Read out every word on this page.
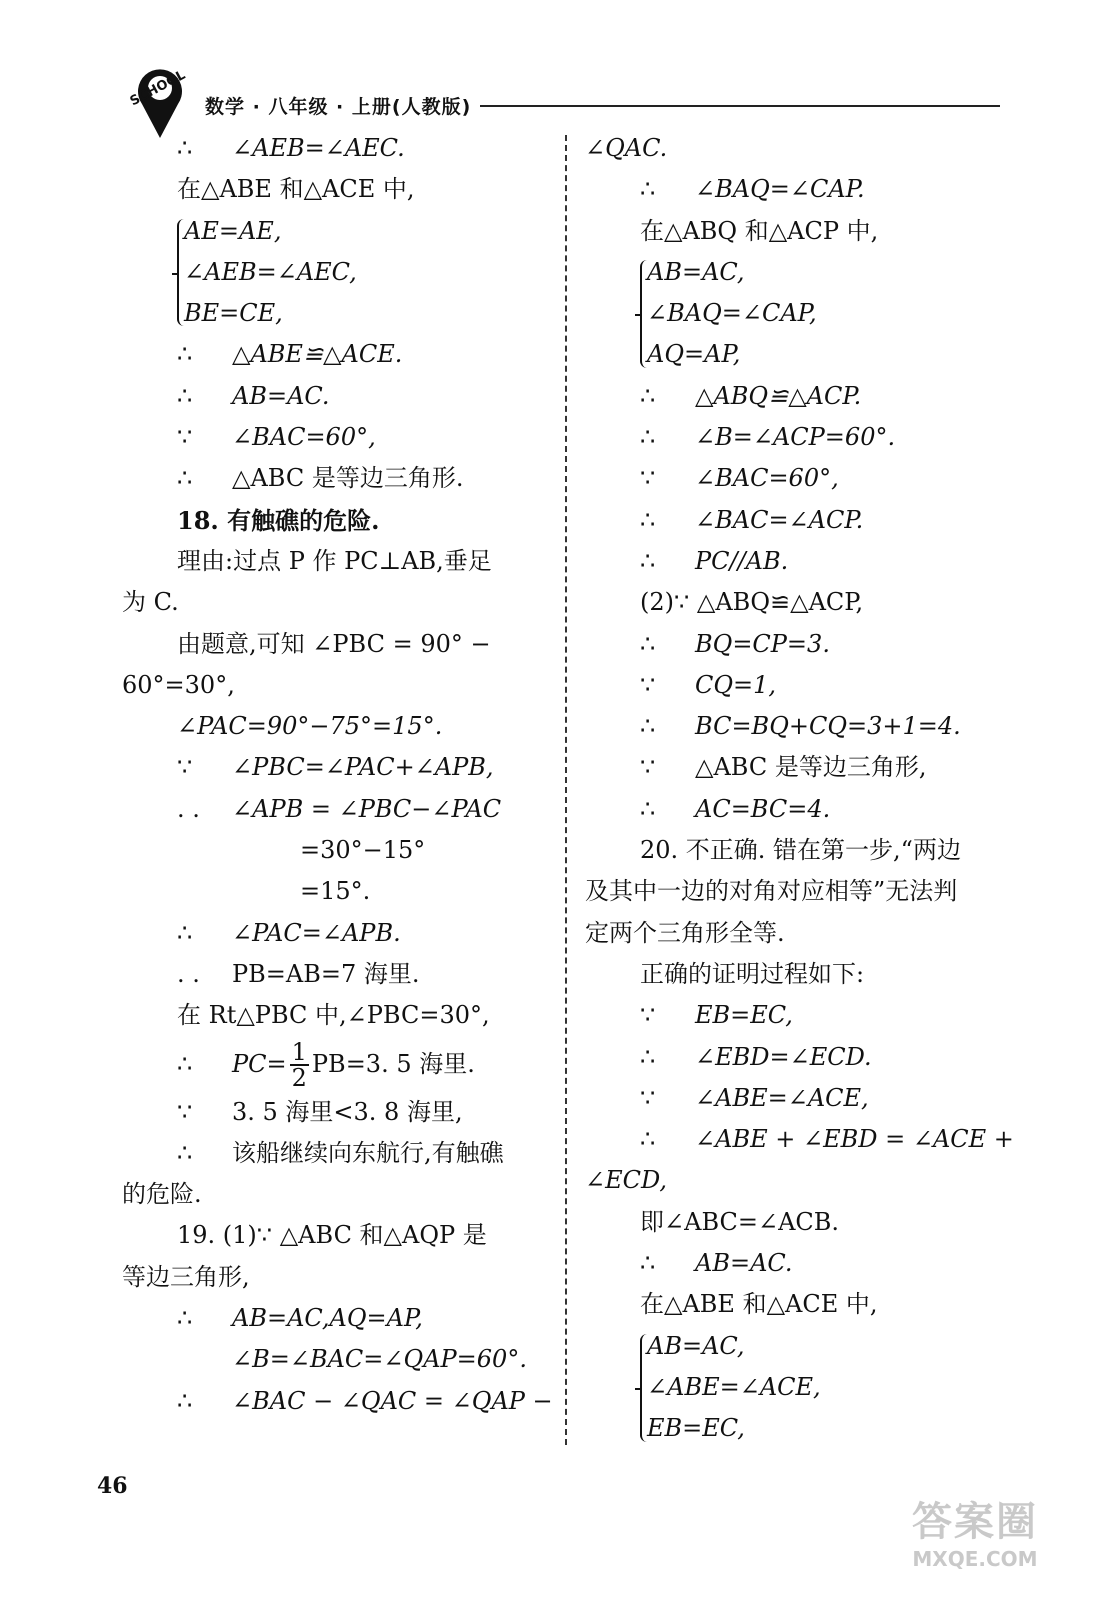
SCHOOL 数学 · 八年级 · 上册(人教版)
∴ ∠AEB=∠AEC.
在△ABE 和△ACE 中,
AE=AE,
∠AEB=∠AEC,
BE=CE,
∴ △ABE≌△ACE.
∴ AB=AC.
∵ ∠BAC=60°,
∴ △ABC 是等边三角形.
18. 有触礁的危险.
理由:过点 P 作 PC⊥AB,垂足
为 C.
由题意,可知 ∠PBC = 90° −
60°=30°,
∠PAC=90°−75°=15°.
∵ ∠PBC=∠PAC+∠APB,
. . ∠APB = ∠PBC−∠PAC
=30°−15°
=15°.
∴ ∠PAC=∠APB.
. . PB=AB=7 海里.
在 Rt△PBC 中,∠PBC=30°,
∴ $PC= \frac{1}{2} PB=3$. 5 海里.
∵ 3. 5 海里<3. 8 海里,
∴ 该船继续向东航行,有触礁
的危险.
19. (1)∵ △ABC 和△AQP 是
等边三角形,
∴ AB=AC,AQ=AP,
∠B=∠BAC=∠QAP=60°.
∴ ∠BAC − ∠QAC = ∠QAP −
∠QAC.
∴ ∠BAQ=∠CAP.
在△ABQ 和△ACP 中,
AB=AC,
∠BAQ=∠CAP,
AQ=AP,
∴ △ABQ≌△ACP.
∴ ∠B=∠ACP=60°.
∵ ∠BAC=60°,
∴ ∠BAC=∠ACP.
∴ PC//AB.
(2)∵ △ABQ≌△ACP,
∴ BQ=CP=3.
∵ CQ=1,
∴ BC=BQ+CQ=3+1=4.
∵ △ABC 是等边三角形,
∴ AC=BC=4.
20. 不正确. 错在第一步,“两边
及其中一边的对角对应相等”无法判
定两个三角形全等.
正确的证明过程如下:
∵ EB=EC,
∴ ∠EBD=∠ECD.
∵ ∠ABE=∠ACE,
∴ ∠ABE + ∠EBD = ∠ACE +
∠ECD,
即∠ABC=∠ACB.
∴ AB=AC.
在△ABE 和△ACE 中,
AB=AC,
∠ABE=∠ACE,
EB=EC,
46
答案圈
MXQE.COM
